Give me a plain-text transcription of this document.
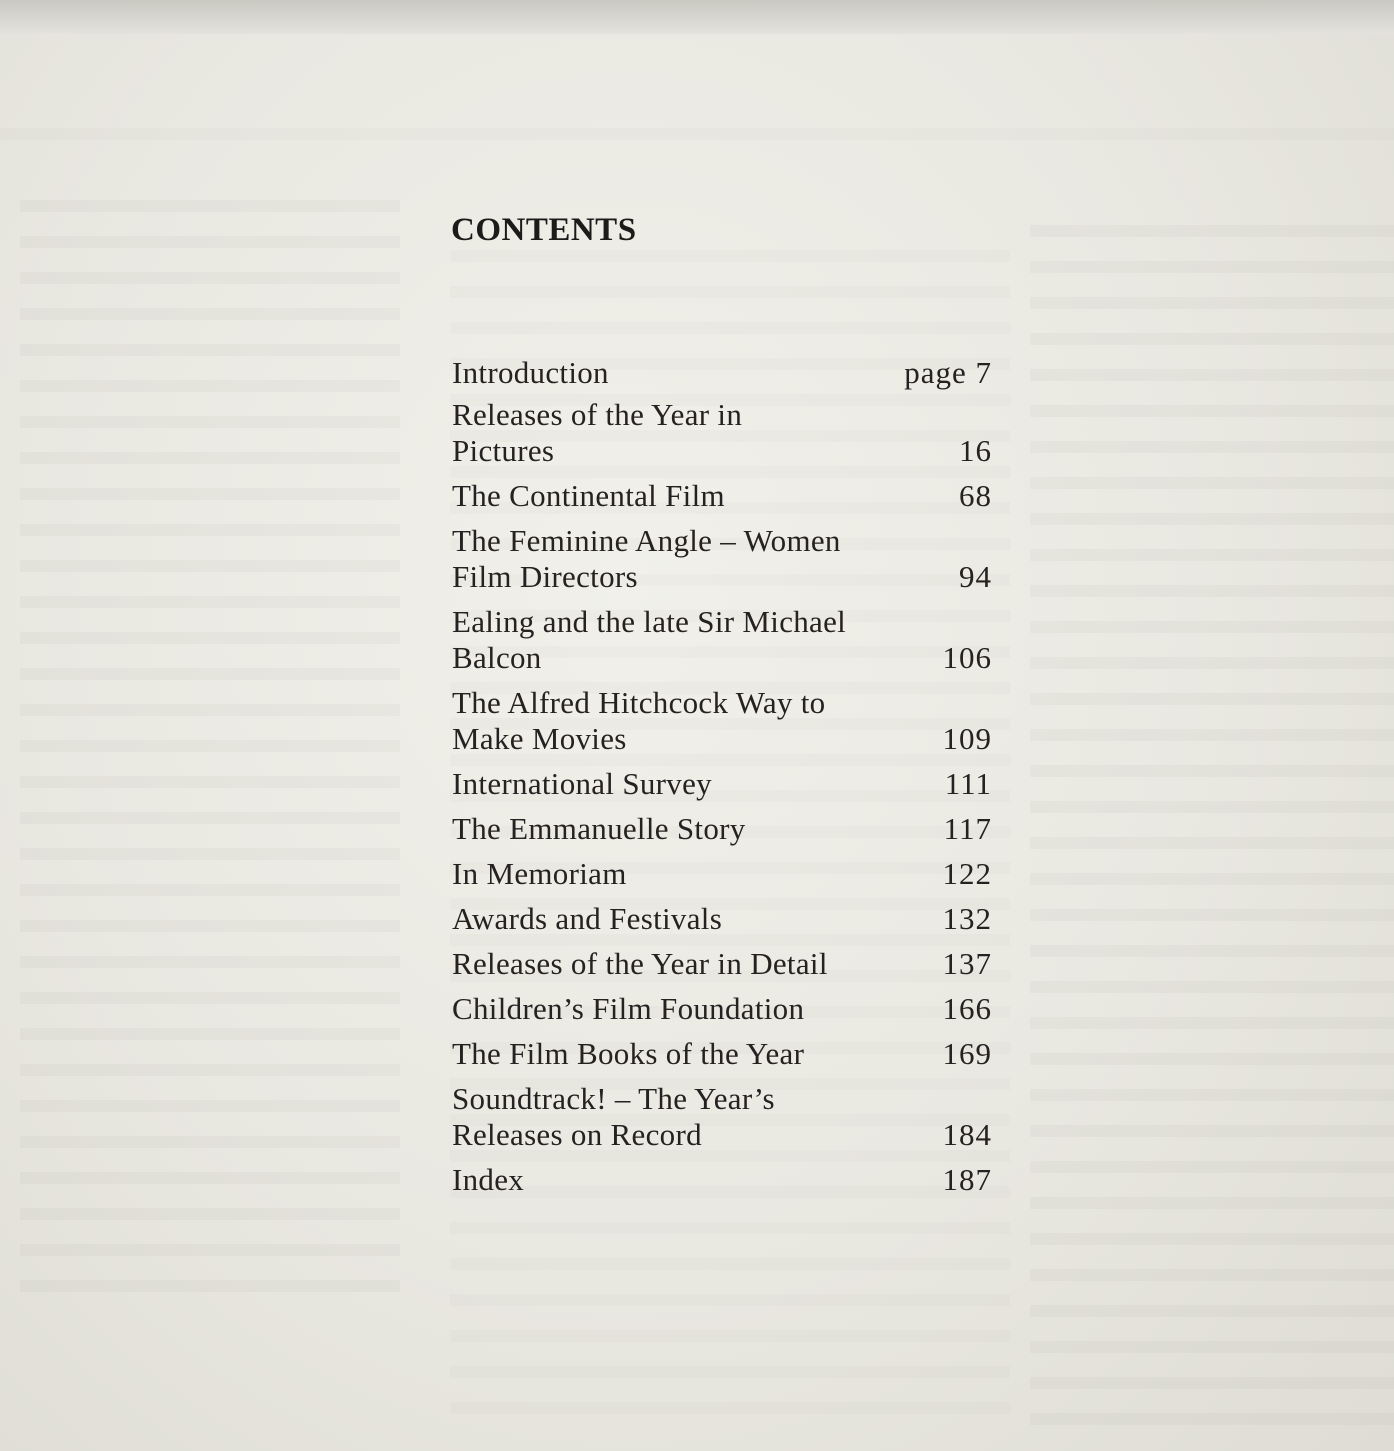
CONTENTS
Introduction	page 7
Releases of the Year in Pictures	16
The Continental Film	68
The Feminine Angle – Women Film Directors	94
Ealing and the late Sir Michael Balcon	106
The Alfred Hitchcock Way to Make Movies	109
International Survey	111
The Emmanuelle Story	117
In Memoriam	122
Awards and Festivals	132
Releases of the Year in Detail	137
Children’s Film Foundation	166
The Film Books of the Year	169
Soundtrack! – The Year’s Releases on Record	184
Index	187
